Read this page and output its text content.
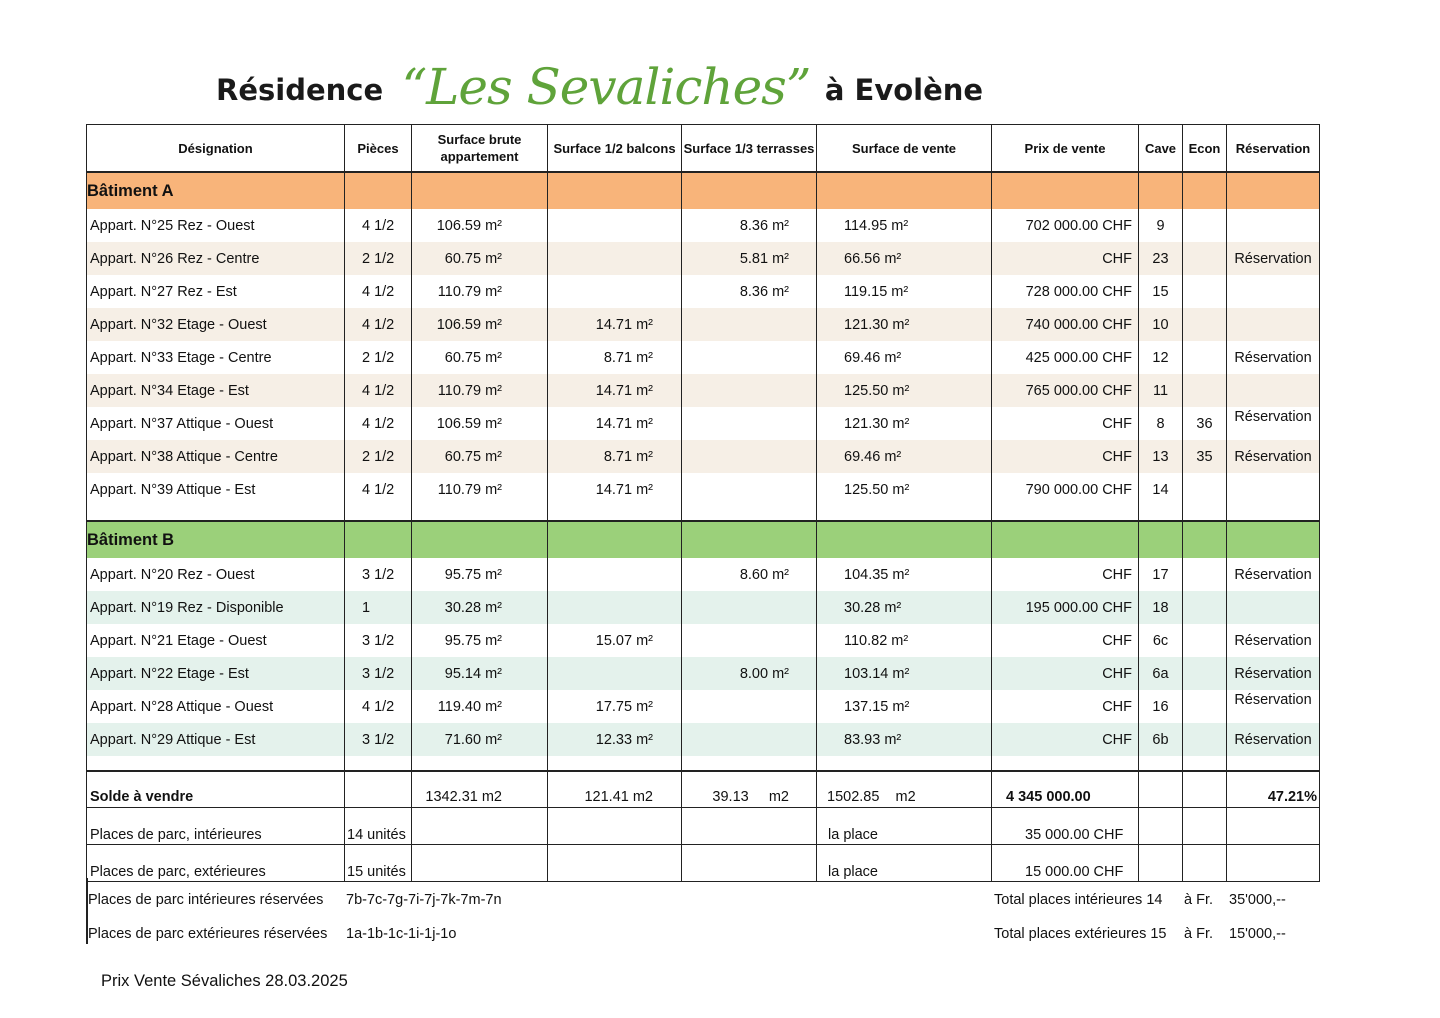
Résidence “Les Sevaliches” à Evolène
Désignation	Pièces	Surface brute appartement	Surface 1/2 balcons	Surface 1/3 terrasses	Surface de vente	Prix de vente	Cave	Econ	Réservation
Bâtiment A									
Appart. N°25 Rez - Ouest	4 1/2	106.59 m²		8.36 m²	114.95 m²	702 000.00 CHF	9		
Appart. N°26 Rez - Centre	2 1/2	60.75 m²		5.81 m²	66.56 m²	CHF	23		Réservation
Appart. N°27 Rez - Est	4 1/2	110.79 m²		8.36 m²	119.15 m²	728 000.00 CHF	15		
Appart. N°32 Etage - Ouest	4 1/2	106.59 m²	14.71 m²		121.30 m²	740 000.00 CHF	10		
Appart. N°33 Etage - Centre	2 1/2	60.75 m²	8.71 m²		69.46 m²	425 000.00 CHF	12		Réservation
Appart. N°34 Etage - Est	4 1/2	110.79 m²	14.71 m²		125.50 m²	765 000.00 CHF	11		
Appart. N°37 Attique - Ouest	4 1/2	106.59 m²	14.71 m²		121.30 m²	CHF	8	36	Réservation
Appart. N°38 Attique - Centre	2 1/2	60.75 m²	8.71 m²		69.46 m²	CHF	13	35	Réservation
Appart. N°39 Attique - Est	4 1/2	110.79 m²	14.71 m²		125.50 m²	790 000.00 CHF	14		

Bâtiment B									
Appart. N°20 Rez - Ouest	3 1/2	95.75 m²		8.60 m²	104.35 m²	CHF	17		Réservation
Appart. N°19 Rez - Disponible	1	30.28 m²			30.28 m²	195 000.00 CHF	18		
Appart. N°21 Etage - Ouest	3 1/2	95.75 m²	15.07 m²		110.82 m²	CHF	6c		Réservation
Appart. N°22 Etage - Est	3 1/2	95.14 m²		8.00 m²	103.14 m²	CHF	6a		Réservation
Appart. N°28 Attique - Ouest	4 1/2	119.40 m²	17.75 m²		137.15 m²	CHF	16		Réservation
Appart. N°29 Attique - Est	3 1/2	71.60 m²	12.33 m²		83.93 m²	CHF	6b		Réservation

Solde à vendre		1342.31 m2	121.41 m2	39.13     m2	1502.85    m2	4 345 000.00			47.21%
Places de parc, intérieures	14 unités				la place	35 000.00 CHF			
Places de parc, extérieures	15 unités				la place	15 000.00 CHF			
Places de parc intérieures réservées 7b-7c-7g-7i-7j-7k-7m-7n	Total places intérieures 14 à Fr. 35'000,--
Places de parc extérieures réservées 1a-1b-1c-1i-1j-1o	Total places extérieures 15 à Fr. 15'000,--
Prix Vente Sévaliches 28.03.2025
